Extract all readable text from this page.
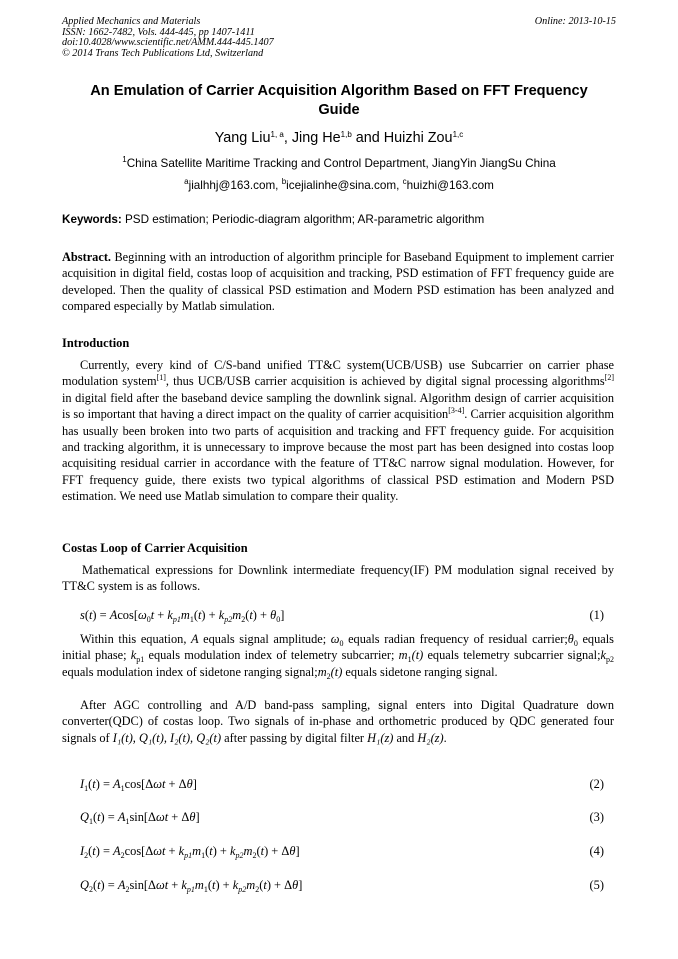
Applied Mechanics and Materials
ISSN: 1662-7482, Vols. 444-445, pp 1407-1411
doi:10.4028/www.scientific.net/AMM.444-445.1407
© 2014 Trans Tech Publications Ltd, Switzerland
Online: 2013-10-15
An Emulation of Carrier Acquisition Algorithm Based on FFT Frequency
Guide
Yang Liu$^{1, a}$, Jing He$^{1,b}$ and Huizhi Zou$^{1,c}$
$^1$China Satellite Maritime Tracking and Control Department, JiangYin JiangSu China
$^a$jialhhj@163.com, $^b$icejialinhe@sina.com, $^c$huizhi@163.com
Keywords: PSD estimation; Periodic-diagram algorithm; AR-parametric algorithm
Abstract. Beginning with an introduction of algorithm principle for Baseband Equipment to implement carrier acquisition in digital field, costas loop of acquisition and tracking, PSD estimation of FFT frequency guide are developed. Then the quality of classical PSD estimation and Modern PSD estimation has been analyzed and compared especially by Matlab simulation.
Introduction
Currently, every kind of C/S-band unified TT&C system(UCB/USB) use Subcarrier on carrier phase modulation system[1], thus UCB/USB carrier acquisition is achieved by digital signal processing algorithms[2] in digital field after the baseband device sampling the downlink signal. Algorithm design of carrier acquisition is so important that having a direct impact on the quality of carrier acquisition[3-4]. Carrier acquisition algorithm has usually been broken into two parts of acquisition and tracking and FFT frequency guide. For acquisition and tracking algorithm, it is unnecessary to improve because the most part has been designed into costas loop acquisiting residual carrier in accordance with the feature of TT&C narrow signal modulation. However, for FFT frequency guide, there exists two typical algorithms of classical PSD estimation and Modern PSD estimation. We need use Matlab simulation to compare their quality.
Costas Loop of Carrier Acquisition
Mathematical expressions for Downlink intermediate frequency(IF) PM modulation signal received by TT&C system is as follows.
$s(t) = Acos[\omega_0t + k_{p1}m_1(t) + k_{p2}m_2(t) + \theta_0]$	(1)
Within this equation, A equals signal amplitude; $\omega_0$ equals radian frequency of residual $carrier;\theta_0$ equals initial phase; $k_{p1}$ equals modulation index of telemetry subcarrier; $m_1(t)$ equals telemetry subcarrier $signal;k_{p2}$ equals modulation index of sidetone ranging $signal;m_2(t)$ equals sidetone ranging signal.
After AGC controlling and A/D band-pass sampling, signal enters into Digital Quadrature down converter(QDC) of costas loop. Two signals of in-phase and orthometric produced by QDC generated four signals of I₁(t), Q₁(t), I₂(t), Q₂(t) after passing by digital filter H₁(z) and H₂(z).
$I_1(t) = A_1\cos[\Delta\omega t + \Delta\theta]$	(2)
$Q_1(t) = A_1\sin[\Delta\omega t + \Delta\theta]$	(3)
$I_2(t) = A_2\cos[\Delta\omega t + k_{p1}m_1(t) + k_{p2}m_2(t) + \Delta\theta]$	(4)
$Q_2(t) = A_2\sin[\Delta\omega t + k_{p1}m_1(t) + k_{p2}m_2(t) + \Delta\theta]$	(5)
